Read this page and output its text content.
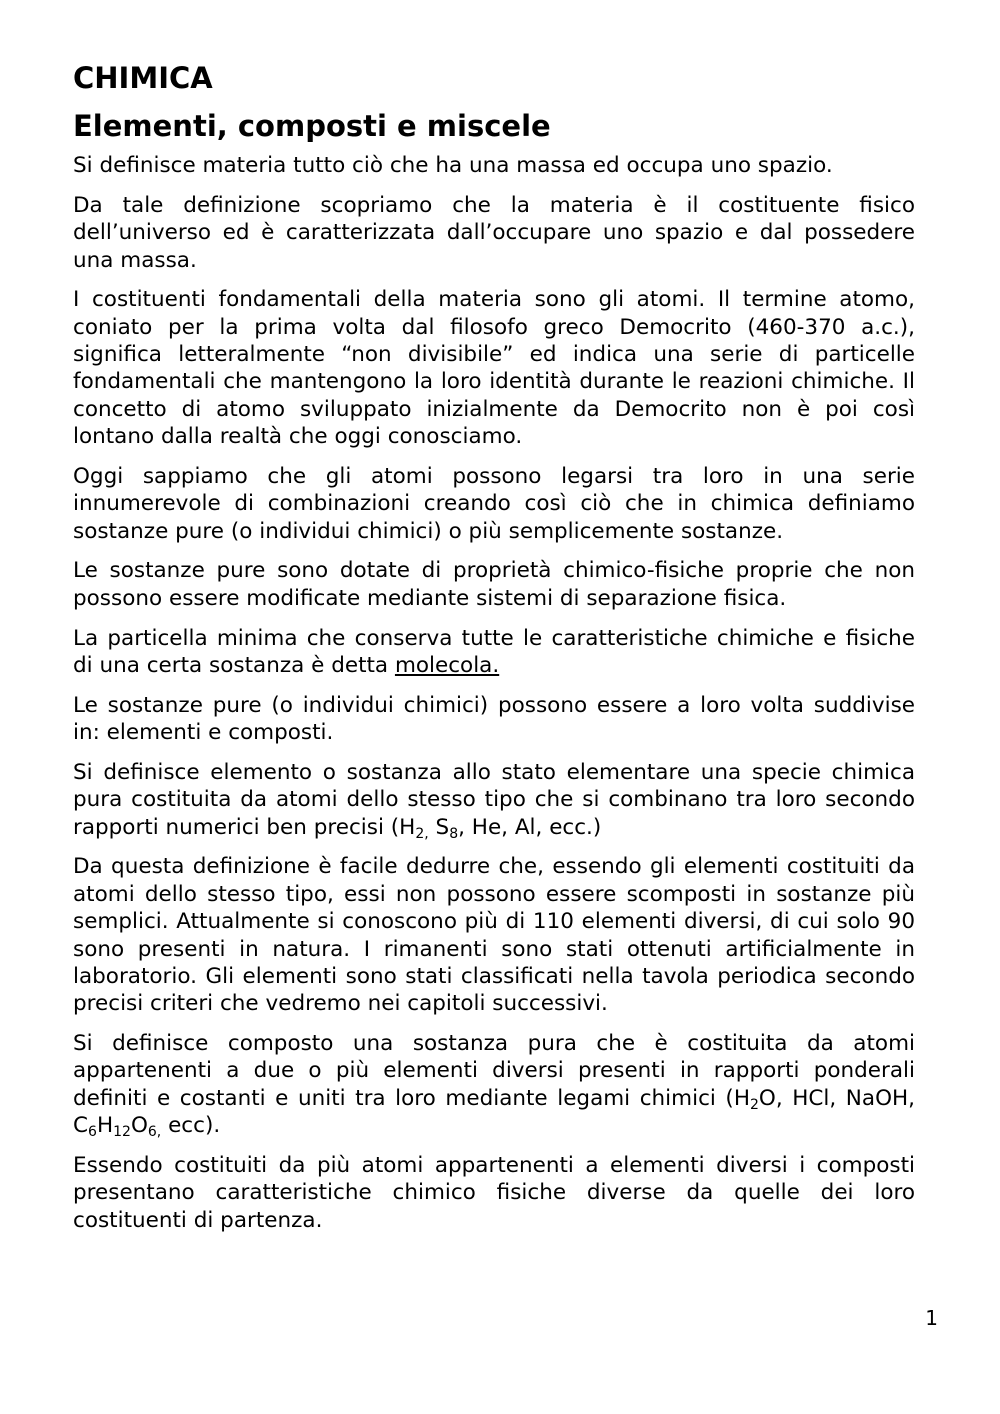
CHIMICA
Elementi, composti e miscele

Si definisce materia tutto ciò che ha una massa ed occupa uno spazio.

Da tale definizione scopriamo che la materia è il costituente fisico dell’universo ed è caratterizzata dall’occupare uno spazio e dal possedere una massa.

I costituenti fondamentali della materia sono gli atomi. Il termine atomo, coniato per la prima volta dal filosofo greco Democrito (460-370 a.c.), significa letteralmente “non divisibile” ed indica una serie di particelle fondamentali che mantengono la loro identità durante le reazioni chimiche. Il concetto di atomo sviluppato inizialmente da Democrito non è poi così lontano dalla realtà che oggi conosciamo.

Oggi sappiamo che gli atomi possono legarsi tra loro in una serie innumerevole di combinazioni creando così ciò che in chimica definiamo sostanze pure (o individui chimici) o più semplicemente sostanze.

Le sostanze pure sono dotate di proprietà chimico-fisiche proprie che non possono essere modificate mediante sistemi di separazione fisica.

La particella minima che conserva tutte le caratteristiche chimiche e fisiche di una certa sostanza è detta molecola.

Le sostanze pure (o individui chimici) possono essere a loro volta suddivise in: elementi e composti.

Si definisce elemento o sostanza allo stato elementare una specie chimica pura costituita da atomi dello stesso tipo che si combinano tra loro secondo rapporti numerici ben precisi ($H_{2,}$ $S_8$, He, Al, ecc.)

Da questa definizione è facile dedurre che, essendo gli elementi costituiti da atomi dello stesso tipo, essi non possono essere scomposti in sostanze più semplici. Attualmente si conoscono più di 110 elementi diversi, di cui solo 90 sono presenti in natura. I rimanenti sono stati ottenuti artificialmente in laboratorio. Gli elementi sono stati classificati nella tavola periodica secondo precisi criteri che vedremo nei capitoli successivi.

Si definisce composto una sostanza pura che è costituita da atomi appartenenti a due o più elementi diversi presenti in rapporti ponderali definiti e costanti e uniti tra loro mediante legami chimici ($H_2O$, HCl, NaOH, $C_6H_{12}O_{6,}$ ecc).

Essendo costituiti da più atomi appartenenti a elementi diversi i composti presentano caratteristiche chimico fisiche diverse da quelle dei loro costituenti di partenza.

1
